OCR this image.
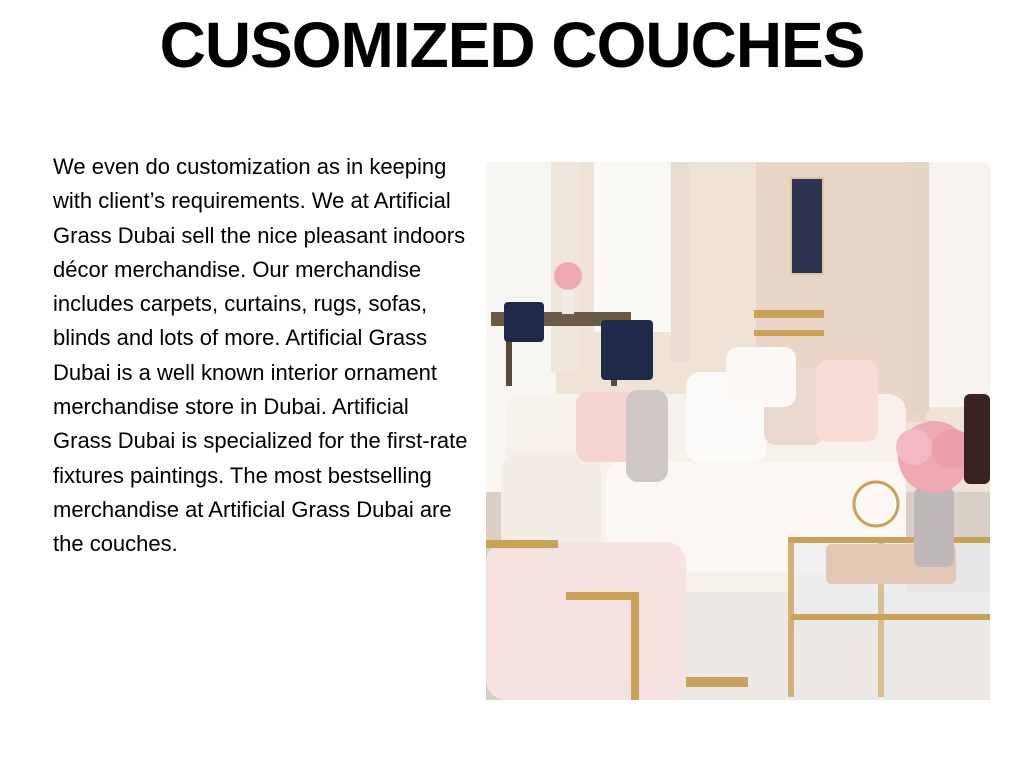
CUSOMIZED COUCHES

We even do customization as in keeping with client’s requirements. We at Artificial Grass Dubai sell the nice pleasant indoors décor merchandise. Our merchandise includes carpets, curtains, rugs, sofas, blinds and lots of more. Artificial Grass Dubai is a well known interior ornament merchandise store in Dubai. Artificial Grass Dubai is specialized for the first-rate fixtures paintings. The most bestselling merchandise at Artificial Grass Dubai are the couches.
